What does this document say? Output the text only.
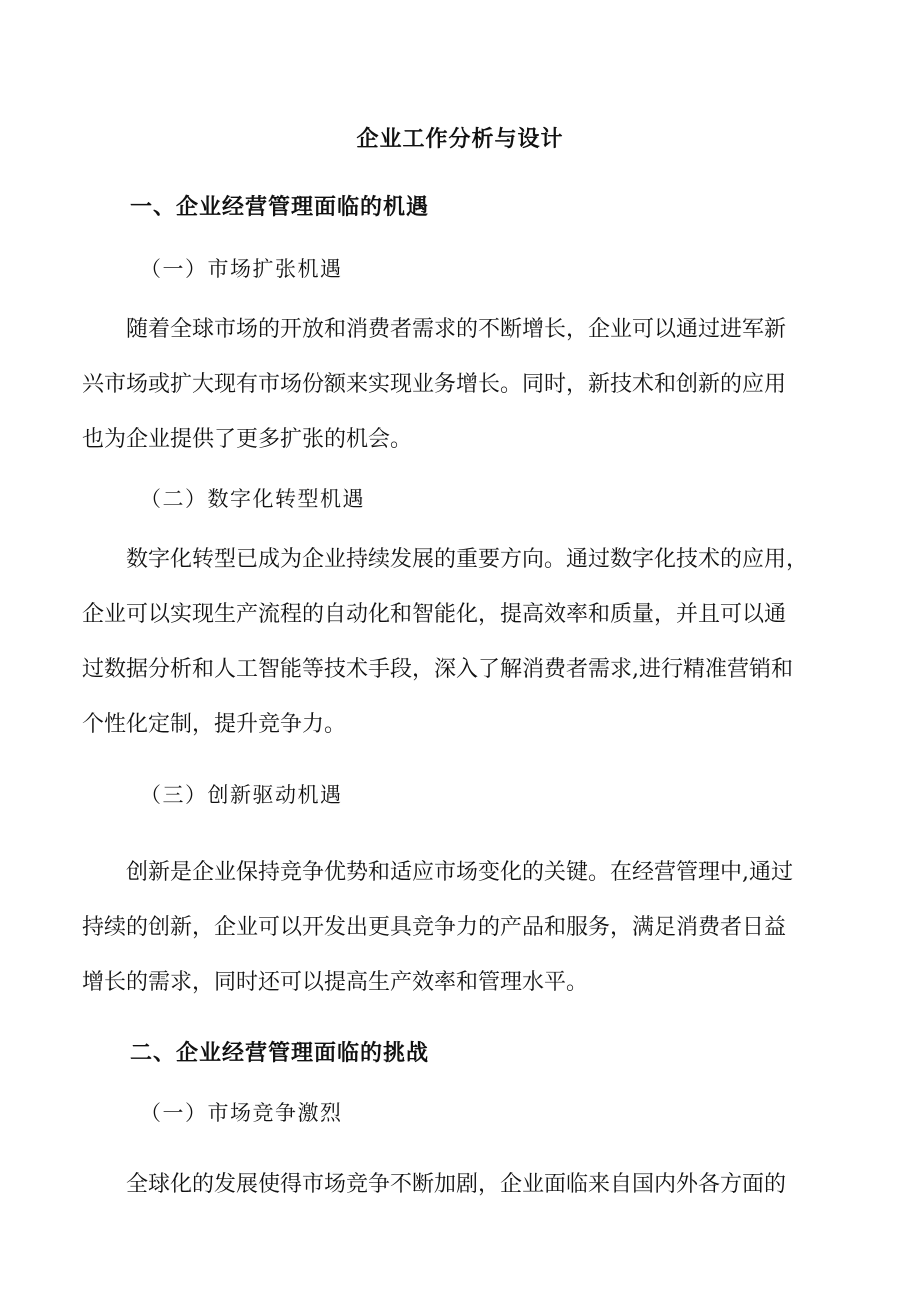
企业工作分析与设计
一、企业经营管理面临的机遇
（一）市场扩张机遇
随着全球市场的开放和消费者需求的不断增长，企业可以通过进军新
兴市场或扩大现有市场份额来实现业务增长。同时，新技术和创新的应用
也为企业提供了更多扩张的机会。
（二）数字化转型机遇
数字化转型已成为企业持续发展的重要方向。通过数字化技术的应用，
企业可以实现生产流程的自动化和智能化，提高效率和质量，并且可以通
过数据分析和人工智能等技术手段，深入了解消费者需求,进行精准营销和
个性化定制，提升竞争力。
（三）创新驱动机遇
创新是企业保持竞争优势和适应市场变化的关键。在经营管理中,通过
持续的创新，企业可以开发出更具竞争力的产品和服务，满足消费者日益
增长的需求，同时还可以提高生产效率和管理水平。
二、企业经营管理面临的挑战
（一）市场竞争激烈
全球化的发展使得市场竞争不断加剧，企业面临来自国内外各方面的
